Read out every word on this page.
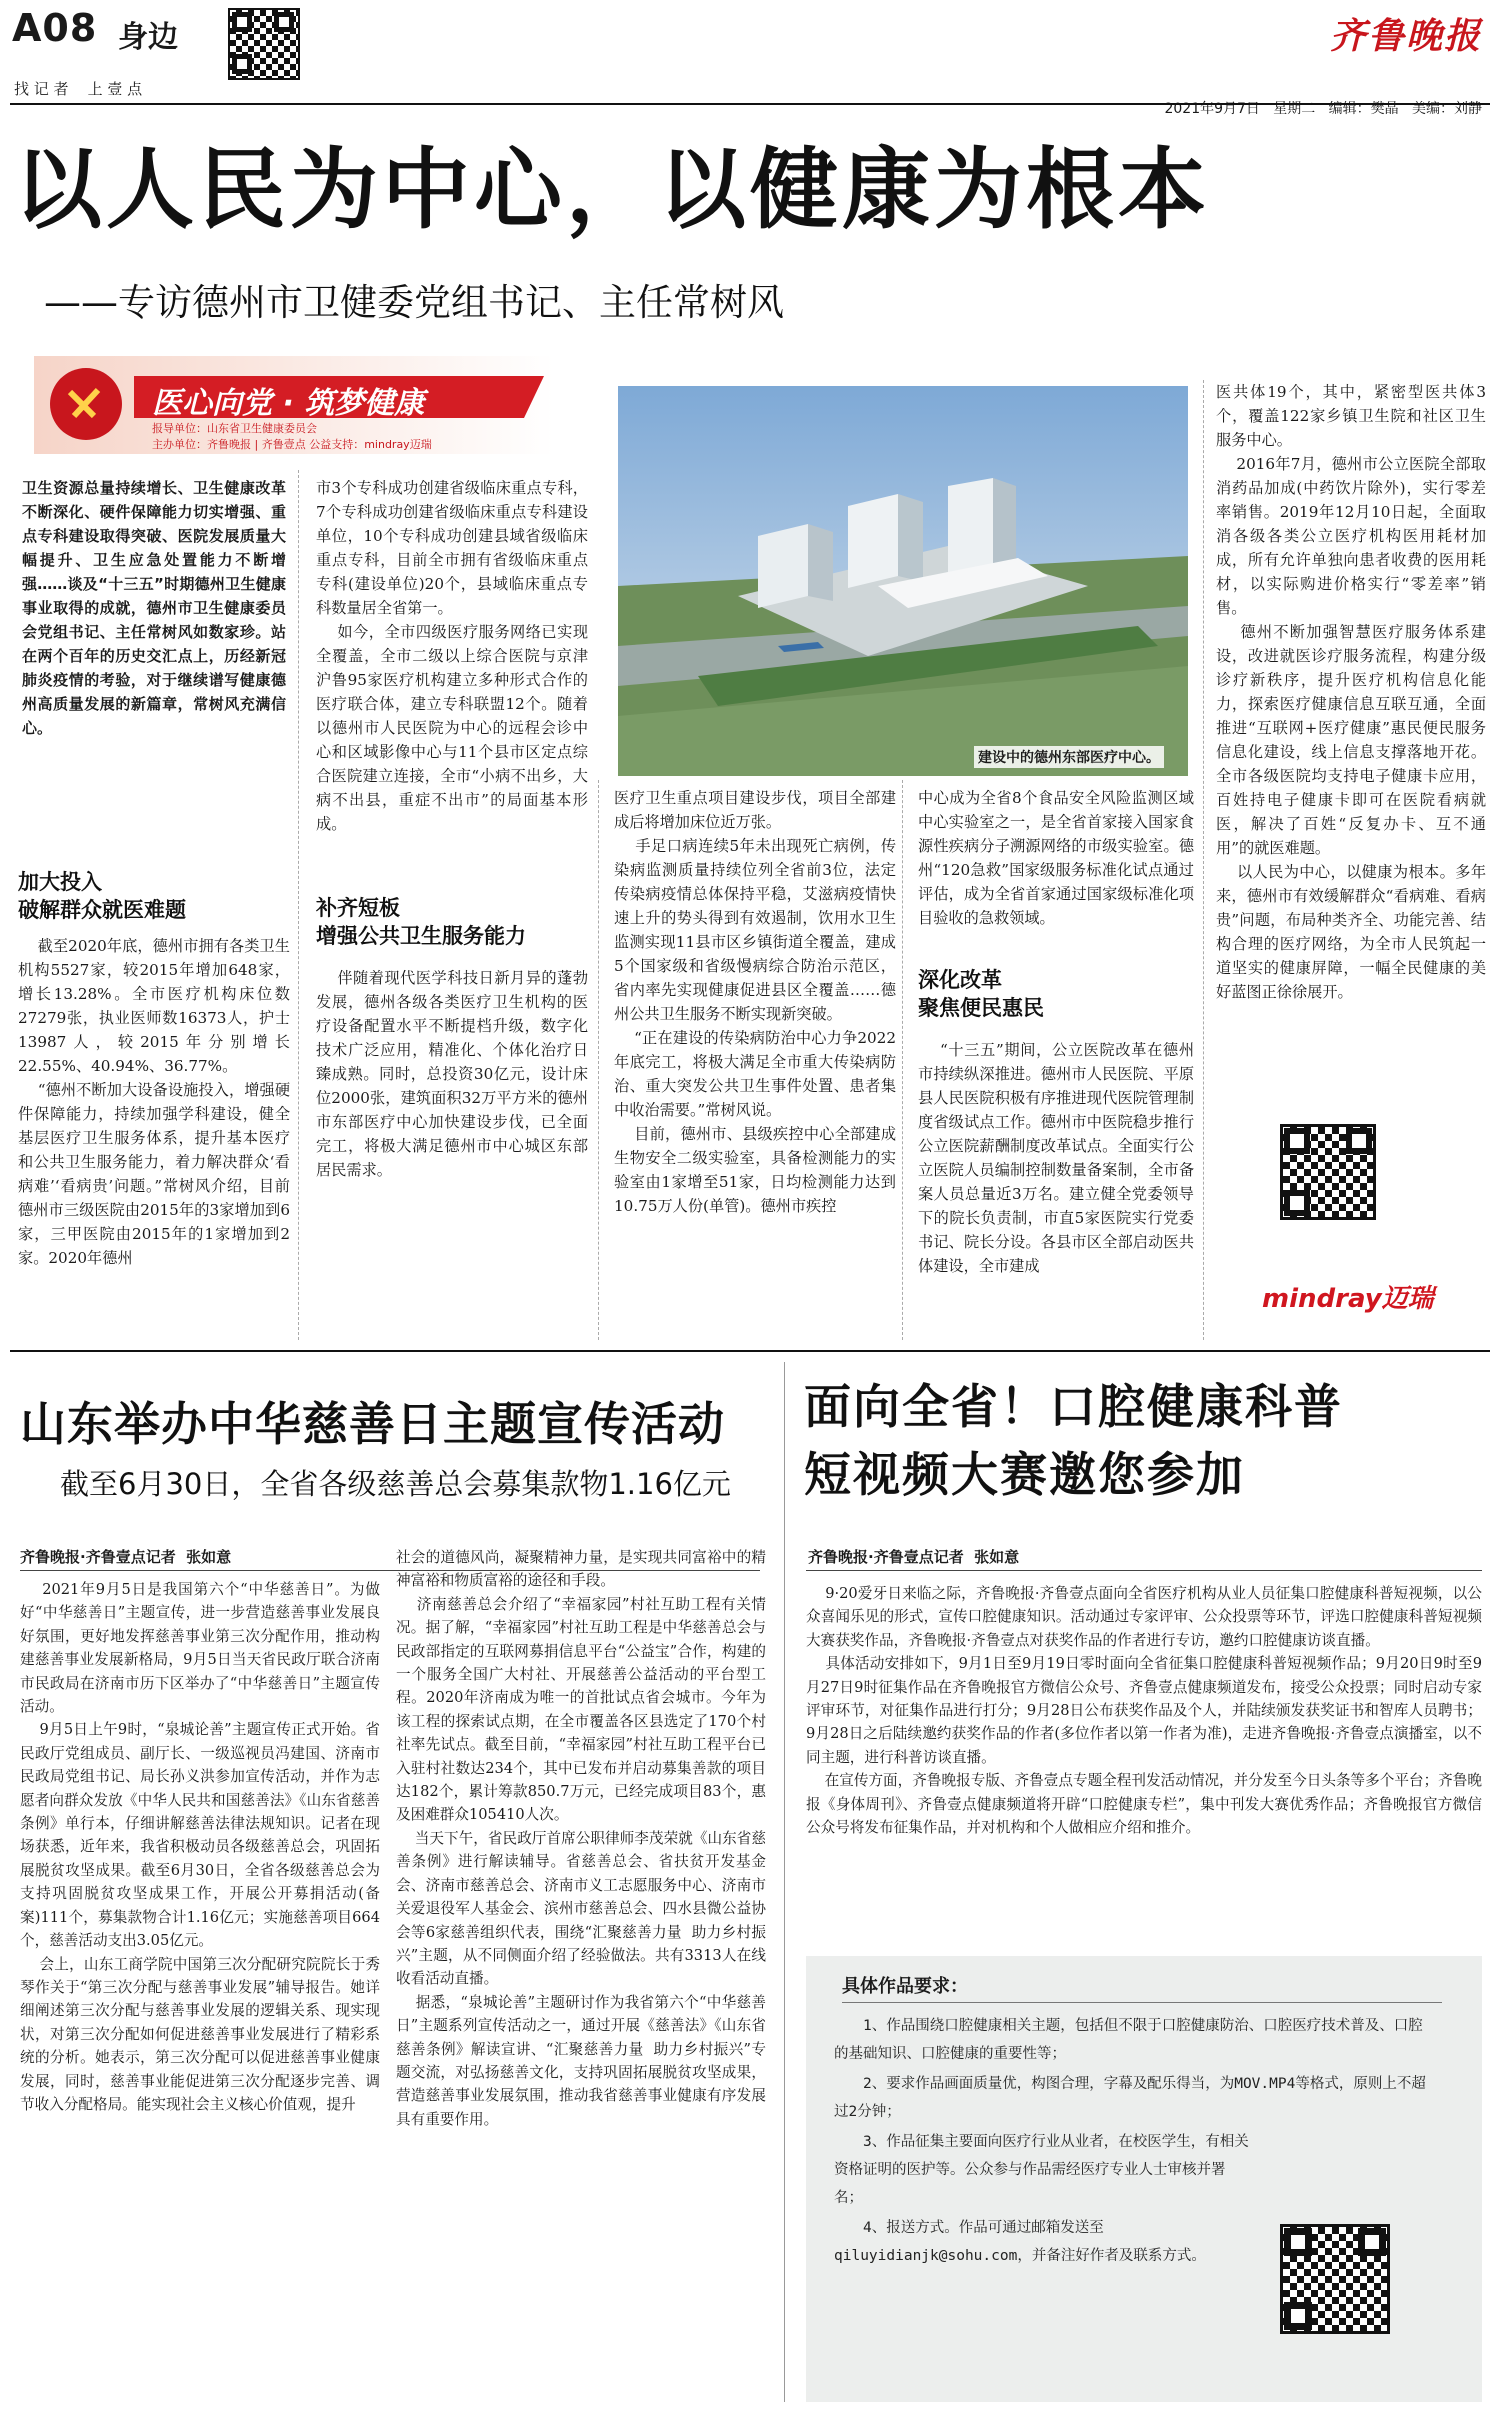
A08 身边
找 记 者    上 壹 点
齐鲁晚报

2021年9月7日 星期二 编辑：樊晶 美编：刘静

以人民为中心，以健康为根本
——专访德州市卫健委党组书记、主任常树风
医心向党 · 筑梦健康
报导单位：山东省卫生健康委员会
主办单位：齐鲁晚报 | 齐鲁壹点 公益支持：mindray迈瑞
卫生资源总量持续增长、卫生健康改革不断深化、硬件保障能力切实增强、重点专科建设取得突破、医院发展质量大幅提升、卫生应急处置能力不断增强……谈及“十三五”时期德州卫生健康事业取得的成就，德州市卫生健康委员会党组书记、主任常树风如数家珍。站在两个百年的历史交汇点上，历经新冠肺炎疫情的考验，对于继续谱写健康德州高质量发展的新篇章，常树风充满信心。
加大投入
破解群众就医难题
截至2020年底，德州市拥有各类卫生机构5527家，较2015年增加648家，增长13.28%。全市医疗机构床位数27279张，执业医师数16373人，护士13987人，较2015年分别增长22.55%、40.94%、36.77%。
“德州不断加大设备设施投入，增强硬件保障能力，持续加强学科建设，健全基层医疗卫生服务体系，提升基本医疗和公共卫生服务能力，着力解决群众‘看病难’‘看病贵’问题。”常树风介绍，目前德州市三级医院由2015年的3家增加到6家，三甲医院由2015年的1家增加到2家。2020年德州
市3个专科成功创建省级临床重点专科，7个专科成功创建省级临床重点专科建设单位，10个专科成功创建县域省级临床重点专科，目前全市拥有省级临床重点专科(建设单位)20个，县域临床重点专科数量居全省第一。
如今，全市四级医疗服务网络已实现全覆盖，全市二级以上综合医院与京津沪鲁95家医疗机构建立多种形式合作的医疗联合体，建立专科联盟12个。随着以德州市人民医院为中心的远程会诊中心和区域影像中心与11个县市区定点综合医院建立连接，全市“小病不出乡，大病不出县，重症不出市”的局面基本形成。
补齐短板
增强公共卫生服务能力
伴随着现代医学科技日新月异的蓬勃发展，德州各级各类医疗卫生机构的医疗设备配置水平不断提档升级，数字化技术广泛应用，精准化、个体化治疗日臻成熟。同时，总投资30亿元，设计床位2000张，建筑面积32万平方米的德州市东部医疗中心加快建设步伐，已全面完工，将极大满足德州市中心城区东部居民需求。
建设中的德州东部医疗中心。
医疗卫生重点项目建设步伐，项目全部建成后将增加床位近万张。
手足口病连续5年未出现死亡病例，传染病监测质量持续位列全省前3位，法定传染病疫情总体保持平稳，艾滋病疫情快速上升的势头得到有效遏制，饮用水卫生监测实现11县市区乡镇街道全覆盖，建成5个国家级和省级慢病综合防治示范区，省内率先实现健康促进县区全覆盖……德州公共卫生服务不断实现新突破。
“正在建设的传染病防治中心力争2022年底完工，将极大满足全市重大传染病防治、重大突发公共卫生事件处置、患者集中收治需要。”常树风说。
目前，德州市、县级疾控中心全部建成生物安全二级实验室，具备检测能力的实验室由1家增至51家，日均检测能力达到10.75万人份(单管)。德州市疾控
中心成为全省8个食品安全风险监测区域中心实验室之一，是全省首家接入国家食源性疾病分子溯源网络的市级实验室。德州“120急救”国家级服务标准化试点通过评估，成为全省首家通过国家级标准化项目验收的急救领域。
深化改革
聚焦便民惠民
“十三五”期间，公立医院改革在德州市持续纵深推进。德州市人民医院、平原县人民医院积极有序推进现代医院管理制度省级试点工作。德州市中医院稳步推行公立医院薪酬制度改革试点。全面实行公立医院人员编制控制数量备案制，全市备案人员总量近3万名。建立健全党委领导下的院长负责制，市直5家医院实行党委书记、院长分设。各县市区全部启动医共体建设，全市建成
医共体19个，其中，紧密型医共体3个，覆盖122家乡镇卫生院和社区卫生服务中心。
2016年7月，德州市公立医院全部取消药品加成(中药饮片除外)，实行零差率销售。2019年12月10日起，全面取消各级各类公立医疗机构医用耗材加成，所有允许单独向患者收费的医用耗材，以实际购进价格实行“零差率”销售。
德州不断加强智慧医疗服务体系建设，改进就医诊疗服务流程，构建分级诊疗新秩序，提升医疗机构信息化能力，探索医疗健康信息互联互通，全面推进“互联网+医疗健康”惠民便民服务信息化建设，线上信息支撑落地开花。全市各级医院均支持电子健康卡应用，百姓持电子健康卡即可在医院看病就医，解决了百姓“反复办卡、互不通用”的就医难题。
以人民为中心，以健康为根本。多年来，德州市有效缓解群众“看病难、看病贵”问题，布局种类齐全、功能完善、结构合理的医疗网络，为全市人民筑起一道坚实的健康屏障，一幅全民健康的美好蓝图正徐徐展开。
mindray迈瑞
山东举办中华慈善日主题宣传活动
截至6月30日，全省各级慈善总会募集款物1.16亿元
齐鲁晚报·齐鲁壹点记者  张如意
2021年9月5日是我国第六个“中华慈善日”。为做好“中华慈善日”主题宣传，进一步营造慈善事业发展良好氛围，更好地发挥慈善事业第三次分配作用，推动构建慈善事业发展新格局，9月5日当天省民政厅联合济南市民政局在济南市历下区举办了“中华慈善日”主题宣传活动。
9月5日上午9时，“泉城论善”主题宣传正式开始。省民政厅党组成员、副厅长、一级巡视员冯建国、济南市民政局党组书记、局长孙义洪参加宣传活动，并作为志愿者向群众发放《中华人民共和国慈善法》《山东省慈善条例》单行本，仔细讲解慈善法律法规知识。记者在现场获悉，近年来，我省积极动员各级慈善总会，巩固拓展脱贫攻坚成果。截至6月30日，全省各级慈善总会为支持巩固脱贫攻坚成果工作，开展公开募捐活动(备案)111个，募集款物合计1.16亿元；实施慈善项目664个，慈善活动支出3.05亿元。
会上，山东工商学院中国第三次分配研究院院长于秀琴作关于“第三次分配与慈善事业发展”辅导报告。她详细阐述第三次分配与慈善事业发展的逻辑关系、现实现状，对第三次分配如何促进慈善事业发展进行了精彩系统的分析。她表示，第三次分配可以促进慈善事业健康发展，同时，慈善事业能促进第三次分配逐步完善、调节收入分配格局。能实现社会主义核心价值观，提升
社会的道德风尚，凝聚精神力量，是实现共同富裕中的精神富裕和物质富裕的途径和手段。
济南慈善总会介绍了“幸福家园”村社互助工程有关情况。据了解，“幸福家园”村社互助工程是中华慈善总会与民政部指定的互联网募捐信息平台“公益宝”合作，构建的一个服务全国广大村社、开展慈善公益活动的平台型工程。2020年济南成为唯一的首批试点省会城市。今年为该工程的探索试点期，在全市覆盖各区县选定了170个村社率先试点。截至目前，“幸福家园”村社互助工程平台已入驻村社数达234个，其中已发布并启动募集善款的项目达182个，累计筹款850.7万元，已经完成项目83个，惠及困难群众105410人次。
当天下午，省民政厅首席公职律师李茂荣就《山东省慈善条例》进行解读辅导。省慈善总会、省扶贫开发基金会、济南市慈善总会、济南市义工志愿服务中心、济南市关爱退役军人基金会、滨州市慈善总会、四水县微公益协会等6家慈善组织代表，围绕“汇聚慈善力量  助力乡村振兴”主题，从不同侧面介绍了经验做法。共有3313人在线收看活动直播。
据悉，“泉城论善”主题研讨作为我省第六个“中华慈善日”主题系列宣传活动之一，通过开展《慈善法》《山东省慈善条例》解读宣讲、“汇聚慈善力量  助力乡村振兴”专题交流，对弘扬慈善文化，支持巩固拓展脱贫攻坚成果，营造慈善事业发展氛围，推动我省慈善事业健康有序发展具有重要作用。
面向全省！口腔健康科普
短视频大赛邀您参加
齐鲁晚报·齐鲁壹点记者  张如意
9·20爱牙日来临之际，齐鲁晚报·齐鲁壹点面向全省医疗机构从业人员征集口腔健康科普短视频，以公众喜闻乐见的形式，宣传口腔健康知识。活动通过专家评审、公众投票等环节，评选口腔健康科普短视频大赛获奖作品，齐鲁晚报·齐鲁壹点对获奖作品的作者进行专访，邀约口腔健康访谈直播。
具体活动安排如下，9月1日至9月19日零时面向全省征集口腔健康科普短视频作品；9月20日9时至9月27日9时征集作品在齐鲁晚报官方微信公众号、齐鲁壹点健康频道发布，接受公众投票；同时启动专家评审环节，对征集作品进行打分；9月28日公布获奖作品及个人，并陆续颁发获奖证书和智库人员聘书；9月28日之后陆续邀约获奖作品的作者(多位作者以第一作者为准)，走进齐鲁晚报·齐鲁壹点演播室，以不同主题，进行科普访谈直播。
在宣传方面，齐鲁晚报专版、齐鲁壹点专题全程刊发活动情况，并分发至今日头条等多个平台；齐鲁晚报《身体周刊》、齐鲁壹点健康频道将开辟“口腔健康专栏”，集中刊发大赛优秀作品；齐鲁晚报官方微信公众号将发布征集作品，并对机构和个人做相应介绍和推介。
具体作品要求：

1、作品围绕口腔健康相关主题，包括但不限于口腔健康防治、口腔医疗技术普及、口腔的基础知识、口腔健康的重要性等；

2、要求作品画面质量优，构图合理，字幕及配乐得当，为MOV.MP4等格式，原则上不超过2分钟；

3、作品征集主要面向医疗行业从业者，在校医学生，有相关资格证明的医护等。公众参与作品需经医疗专业人士审核并署名；

4、报送方式。作品可通过邮箱发送至qiluyidianjk@sohu.com，并备注好作者及联系方式。
